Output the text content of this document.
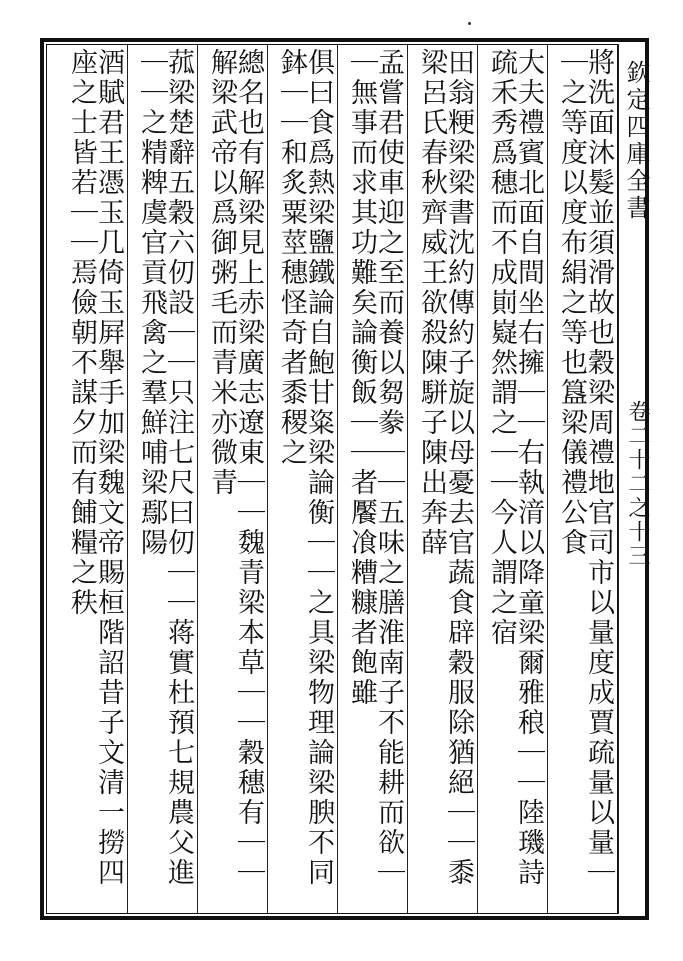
欽定四庫全書
卷二十二之十三
將洗面沐髮並須滑故也穀梁周禮地官司市以量度成賈疏量以量｜｜之等度以度布絹之等也簋梁儀禮公食
大夫禮賓北面自間坐右擁｜｜右執湇以降童梁爾雅稂｜｜陸璣詩疏禾秀爲穗而不成崱嶷然謂之｜｜今人謂之宿
田翁粳梁梁書沈約傳約子旋以母憂去官蔬食辟穀服除猶絕｜｜黍梁呂氏春秋齊威王欲殺陳駢子陳出奔薛
孟嘗君使車迎之至而養以芻豢｜｜五味之膳淮南子不能耕而欲｜｜無事而求其功難矣論衡飯｜｜者饜飡糟糠者飽雖
俱曰食爲熱梁鹽鐵論自鮑甘粢梁論衡｜｜之具梁物理論梁腴不同鉢｜｜和炙粟莖穗怪奇者黍稷之
總名也有解梁見上赤梁廣志遼東｜｜魏青梁本草｜｜穀穗有｜｜解梁武帝以爲御粥毛而青米亦微青
菰梁楚辭五穀六仞設｜｜只注七尺曰仞｜｜蒋實杜預七規農父進｜｜之精粺虞官貢飛禽之羣鮮哺梁鄢陽
酒賦君王憑玉几倚玉屛舉手加梁魏文帝賜桓階詔昔子文清一撈四座之士皆若｜｜焉儉朝不謀夕而有餔糧之秩
